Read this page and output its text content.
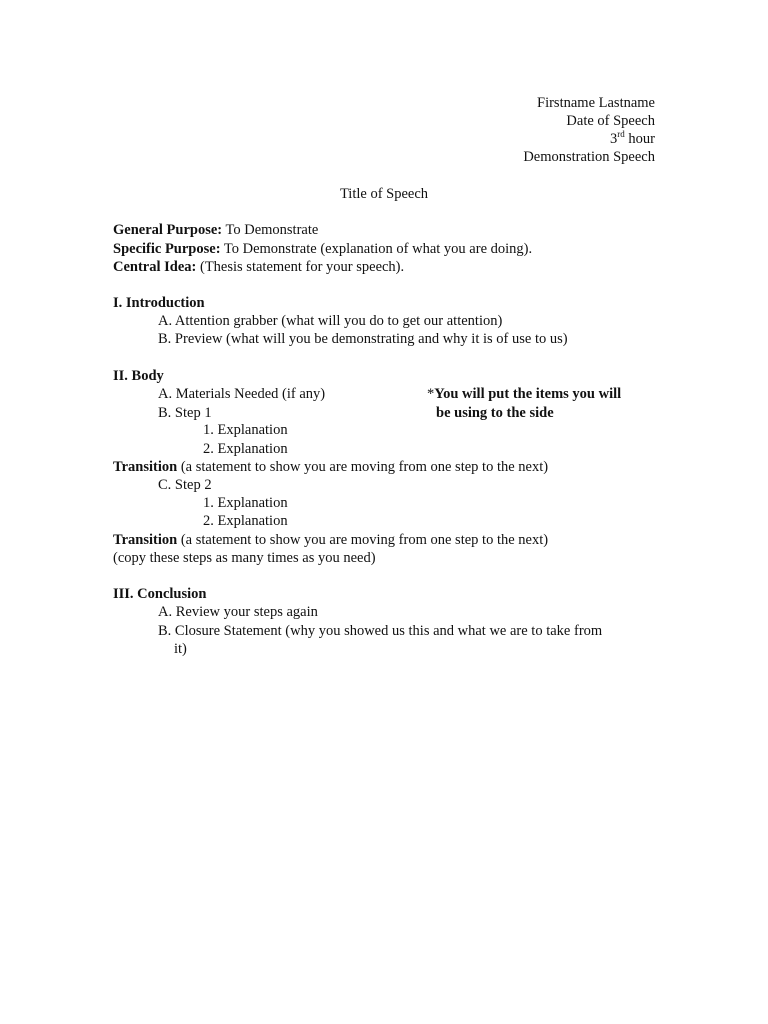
Firstname Lastname
Date of Speech
3rd hour
Demonstration Speech
Title of Speech
General Purpose: To Demonstrate
Specific Purpose: To Demonstrate (explanation of what you are doing).
Central Idea: (Thesis statement for your speech).
I. Introduction
A. Attention grabber (what will you do to get our attention)
B. Preview (what will you be demonstrating and why it is of use to us)
II. Body
A. Materials Needed (if any)	*You will put the items you will
be using to the side
B. Step 1
1. Explanation
2. Explanation
Transition (a statement to show you are moving from one step to the next)
C. Step 2
1. Explanation
2. Explanation
Transition (a statement to show you are moving from one step to the next)
(copy these steps as many times as you need)
III. Conclusion
A. Review your steps again
B. Closure Statement (why you showed us this and what we are to take from
it)
